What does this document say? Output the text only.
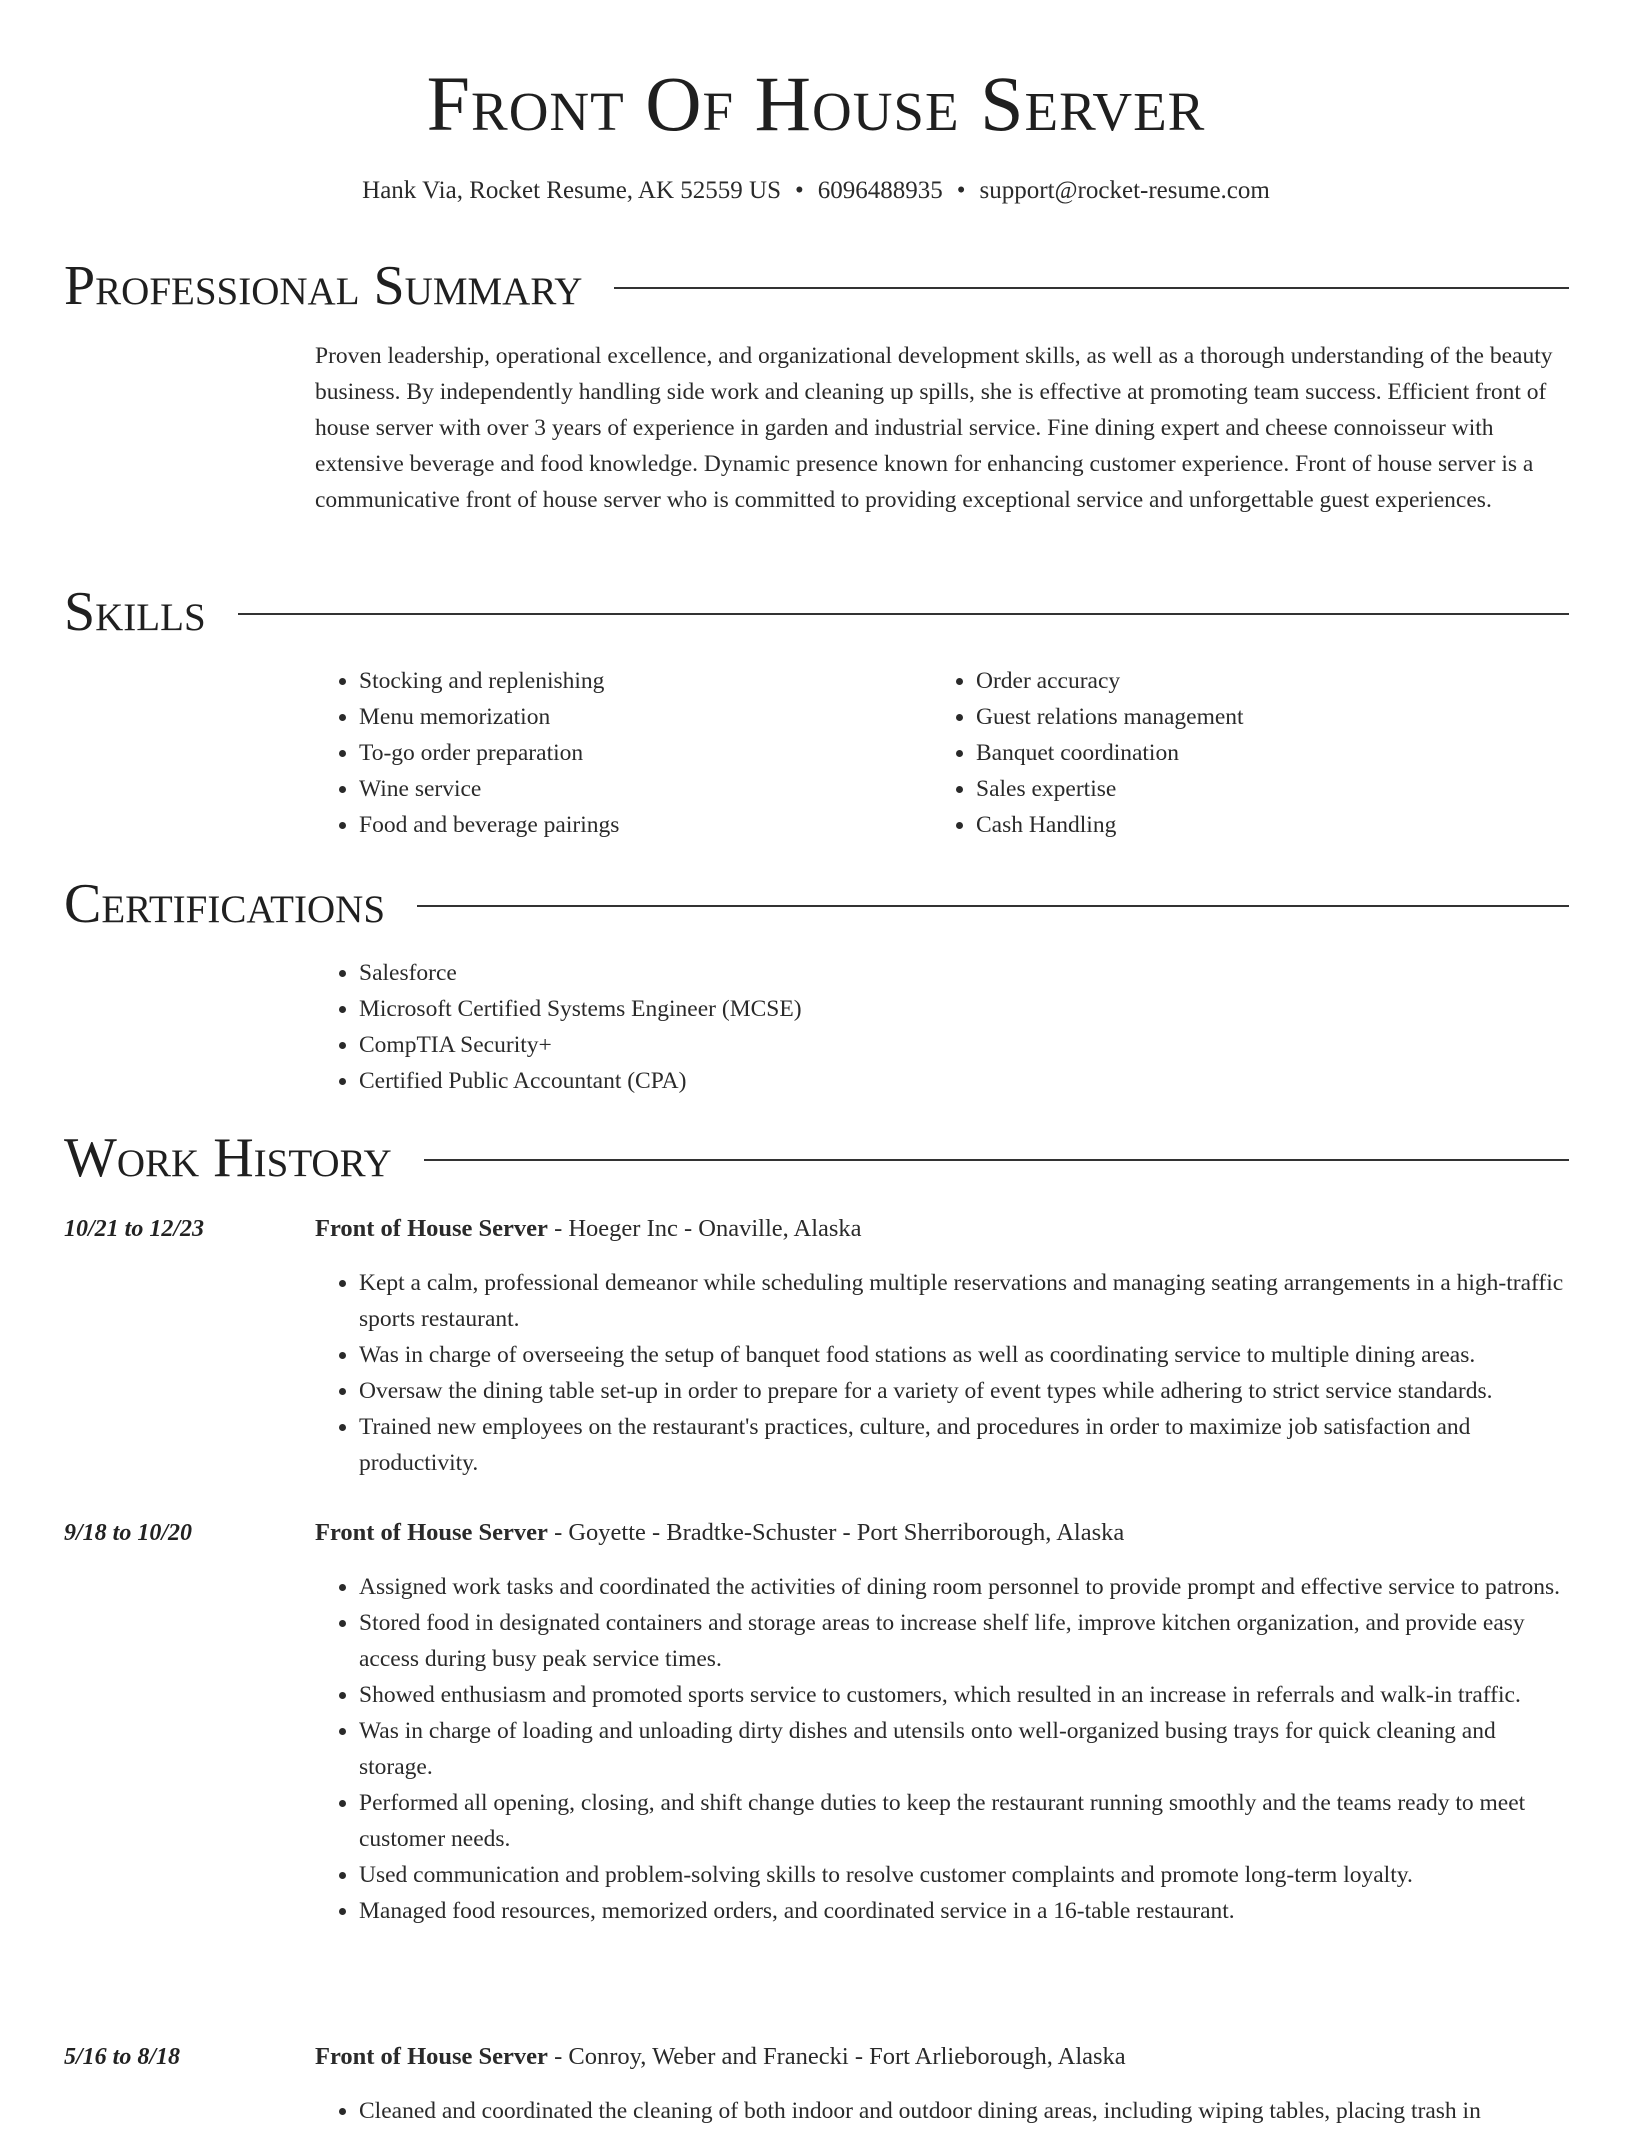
Front Of House Server
Hank Via, Rocket Resume, AK 52559 US • 6096488935 • support@rocket-resume.com
Professional Summary

Proven leadership, operational excellence, and organizational development skills, as well as a thorough understanding of the beauty business. By independently handling side work and cleaning up spills, she is effective at promoting team success. Efficient front of house server with over 3 years of experience in garden and industrial service. Fine dining expert and cheese connoisseur with extensive beverage and food knowledge. Dynamic presence known for enhancing customer experience. Front of house server is a communicative front of house server who is committed to providing exceptional service and unforgettable guest experiences.

Skills
• Stocking and replenishing
• Menu memorization
• To-go order preparation
• Wine service
• Food and beverage pairings
• Order accuracy
• Guest relations management
• Banquet coordination
• Sales expertise
• Cash Handling
Certifications
• Salesforce
• Microsoft Certified Systems Engineer (MCSE)
• CompTIA Security+
• Certified Public Accountant (CPA)
Work History
10/21 to 12/23	Front of House Server - Hoeger Inc - Onaville, Alaska
• Kept a calm, professional demeanor while scheduling multiple reservations and managing seating arrangements in a high-traffic sports restaurant.
• Was in charge of overseeing the setup of banquet food stations as well as coordinating service to multiple dining areas.
• Oversaw the dining table set-up in order to prepare for a variety of event types while adhering to strict service standards.
• Trained new employees on the restaurant's practices, culture, and procedures in order to maximize job satisfaction and productivity.
9/18 to 10/20	Front of House Server - Goyette - Bradtke-Schuster - Port Sherriborough, Alaska
• Assigned work tasks and coordinated the activities of dining room personnel to provide prompt and effective service to patrons.
• Stored food in designated containers and storage areas to increase shelf life, improve kitchen organization, and provide easy access during busy peak service times.
• Showed enthusiasm and promoted sports service to customers, which resulted in an increase in referrals and walk-in traffic.
• Was in charge of loading and unloading dirty dishes and utensils onto well-organized busing trays for quick cleaning and storage.
• Performed all opening, closing, and shift change duties to keep the restaurant running smoothly and the teams ready to meet customer needs.
• Used communication and problem-solving skills to resolve customer complaints and promote long-term loyalty.
• Managed food resources, memorized orders, and coordinated service in a 16-table restaurant.
5/16 to 8/18	Front of House Server - Conroy, Weber and Franecki - Fort Arlieborough, Alaska
• Cleaned and coordinated the cleaning of both indoor and outdoor dining areas, including wiping tables, placing trash in
